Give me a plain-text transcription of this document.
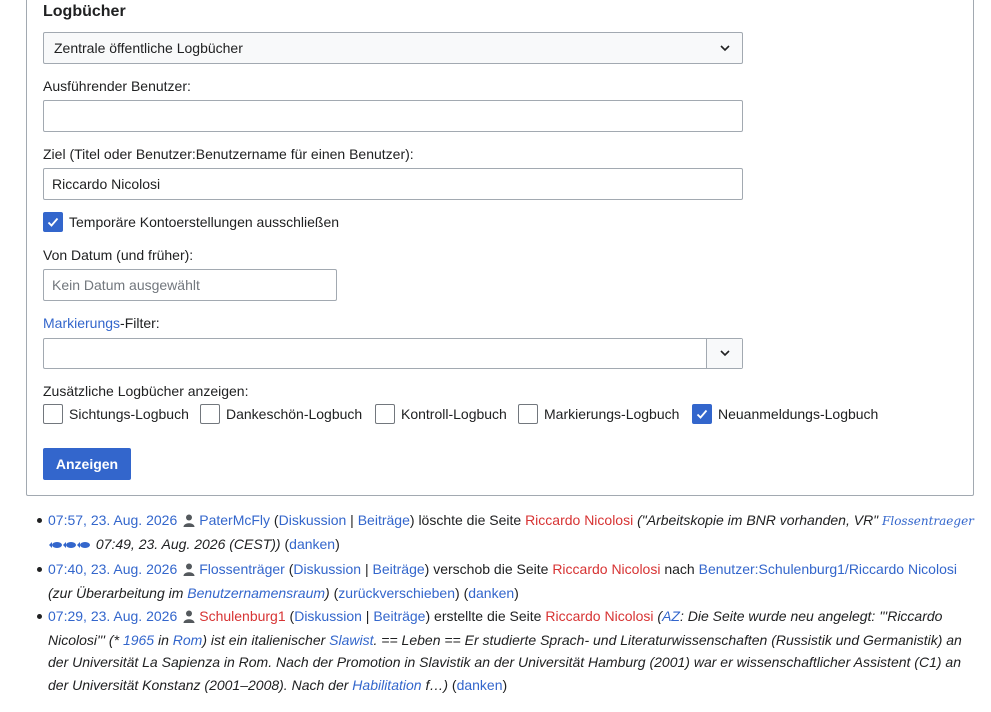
Logbücher
Zentrale öffentliche Logbücher
Ausführender Benutzer:
Ziel (Titel oder Benutzer:Benutzername für einen Benutzer):
Riccardo Nicolosi
Temporäre Kontoerstellungen ausschließen
Von Datum (und früher):
Kein Datum ausgewählt
Markierungs-Filter:
Zusätzliche Logbücher anzeigen:
Sichtungs-Logbuch	Dankeschön-Logbuch	Kontroll-Logbuch	Markierungs-Logbuch	Neuanmeldungs-Logbuch
Anzeigen
07:57, 23. Aug. 2026 PaterMcFly (Diskussion | Beiträge) löschte die Seite Riccardo Nicolosi ("Arbeitskopie im BNR vorhanden, VR" Flossentraeger  07:49, 23. Aug. 2026 (CEST)) (danken)
07:40, 23. Aug. 2026 Flossenträger (Diskussion | Beiträge) verschob die Seite Riccardo Nicolosi nach Benutzer:Schulenburg1/Riccardo Nicolosi (zur Überarbeitung im Benutzernamensraum) (zurückverschieben) (danken)
07:29, 23. Aug. 2026 Schulenburg1 (Diskussion | Beiträge) erstellte die Seite Riccardo Nicolosi (AZ: Die Seite wurde neu angelegt: '''Riccardo Nicolosi''' (* 1965 in Rom) ist ein italienischer Slawist. == Leben == Er studierte Sprach- und Literaturwissenschaften (Russistik und Germanistik) an der Universität La Sapienza in Rom. Nach der Promotion in Slavistik an der Universität Hamburg (2001) war er wissenschaftlicher Assistent (C1) an der Universität Konstanz (2001–2008). Nach der Habilitation f…) (danken)
